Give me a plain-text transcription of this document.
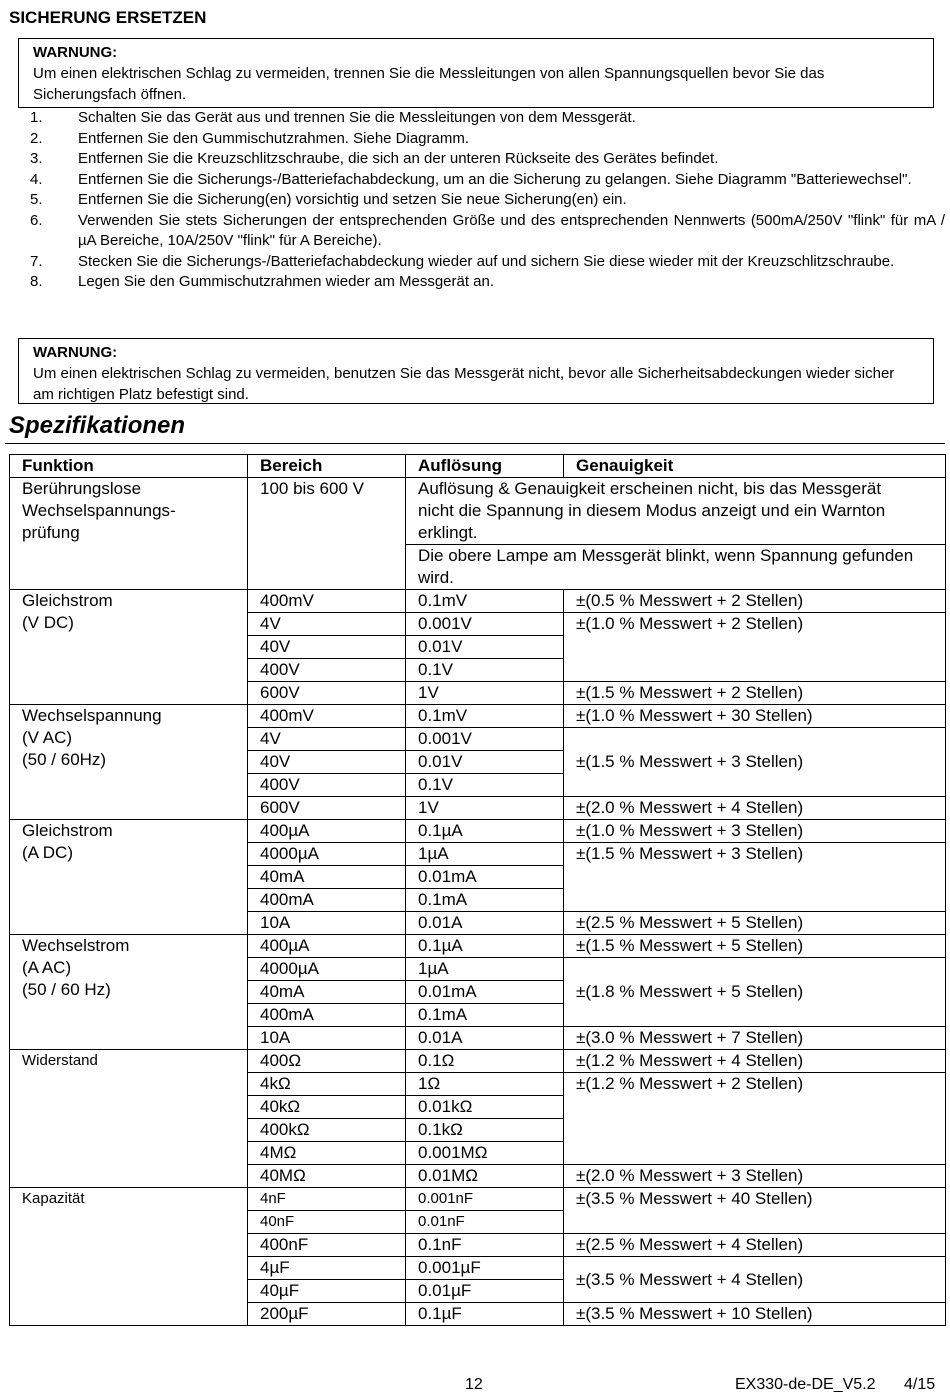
SICHERUNG ERSETZEN
WARNUNG:
Um einen elektrischen Schlag zu vermeiden, trennen Sie die Messleitungen von allen Spannungsquellen bevor Sie das Sicherungsfach öffnen.
1.	Schalten Sie das Gerät aus und trennen Sie die Messleitungen von dem Messgerät.
2.	Entfernen Sie den Gummischutzrahmen. Siehe Diagramm.
3.	Entfernen Sie die Kreuzschlitzschraube, die sich an der unteren Rückseite des Gerätes befindet.
4.	Entfernen Sie die Sicherungs-/Batteriefachabdeckung, um an die Sicherung zu gelangen. Siehe Diagramm "Batteriewechsel".
5.	Entfernen Sie die Sicherung(en) vorsichtig und setzen Sie neue Sicherung(en) ein.
6.	Verwenden Sie stets Sicherungen der entsprechenden Größe und des entsprechenden Nennwerts (500mA/250V "flink" für mA / µA Bereiche, 10A/250V "flink" für A Bereiche).
7.	Stecken Sie die Sicherungs-/Batteriefachabdeckung wieder auf und sichern Sie diese wieder mit der Kreuzschlitzschraube.
8.	Legen Sie den Gummischutzrahmen wieder am Messgerät an.
WARNUNG:
Um einen elektrischen Schlag zu vermeiden, benutzen Sie das Messgerät nicht, bevor alle Sicherheitsabdeckungen wieder sicher am richtigen Platz befestigt sind.
Spezifikationen
Funktion	Bereich	Auflösung	Genauigkeit

Berührungslose Wechselspannungs-prüfung	100 bis 600 V	Auflösung & Genauigkeit erscheinen nicht, bis das Messgerät nicht die Spannung in diesem Modus anzeigt und ein Warnton erklingt.	
		Die obere Lampe am Messgerät blinkt, wenn Spannung gefunden wird.	

Gleichstrom
(V DC)	400mV	0.1mV	±(0.5 % Messwert + 2 Stellen)
	4V	0.001V	±(1.0 % Messwert + 2 Stellen)
	40V	0.01V	
	400V	0.1V	
	600V	1V	±(1.5 % Messwert + 2 Stellen)

Wechselspannung
(V AC)
(50 / 60Hz)	400mV	0.1mV	±(1.0 % Messwert + 30 Stellen)
	4V	0.001V	±(1.5 % Messwert + 3 Stellen)
	40V	0.01V	
	400V	0.1V	
	600V	1V	±(2.0 % Messwert + 4 Stellen)

Gleichstrom
(A DC)	400µA	0.1µA	±(1.0 % Messwert + 3 Stellen)
	4000µA	1µA	±(1.5 % Messwert + 3 Stellen)
	40mA	0.01mA	
	400mA	0.1mA	
	10A	0.01A	±(2.5 % Messwert + 5 Stellen)

Wechselstrom
(A AC)
(50 / 60 Hz)	400µA	0.1µA	±(1.5 % Messwert + 5 Stellen)
	4000µA	1µA	±(1.8 % Messwert + 5 Stellen)
	40mA	0.01mA	
	400mA	0.1mA	
	10A	0.01A	±(3.0 % Messwert + 7 Stellen)
Widerstand	400Ω	0.1Ω	±(1.2 % Messwert + 4 Stellen)
	4kΩ	1Ω	±(1.2 % Messwert + 2 Stellen)
	40kΩ	0.01kΩ	
	400kΩ	0.1kΩ	
	4MΩ	0.001MΩ	
	40MΩ	0.01MΩ	±(2.0 % Messwert + 3 Stellen)
Kapazität	4nF	0.001nF	±(3.5 % Messwert + 40 Stellen)
	40nF	0.01nF	
	400nF	0.1nF	±(2.5 % Messwert + 4 Stellen)
	4µF	0.001µF	±(3.5 % Messwert + 4 Stellen)
	40µF	0.01µF	
	200µF	0.1µF	±(3.5 % Messwert + 10 Stellen)
12	EX330-de-DE_V5.2 4/15
